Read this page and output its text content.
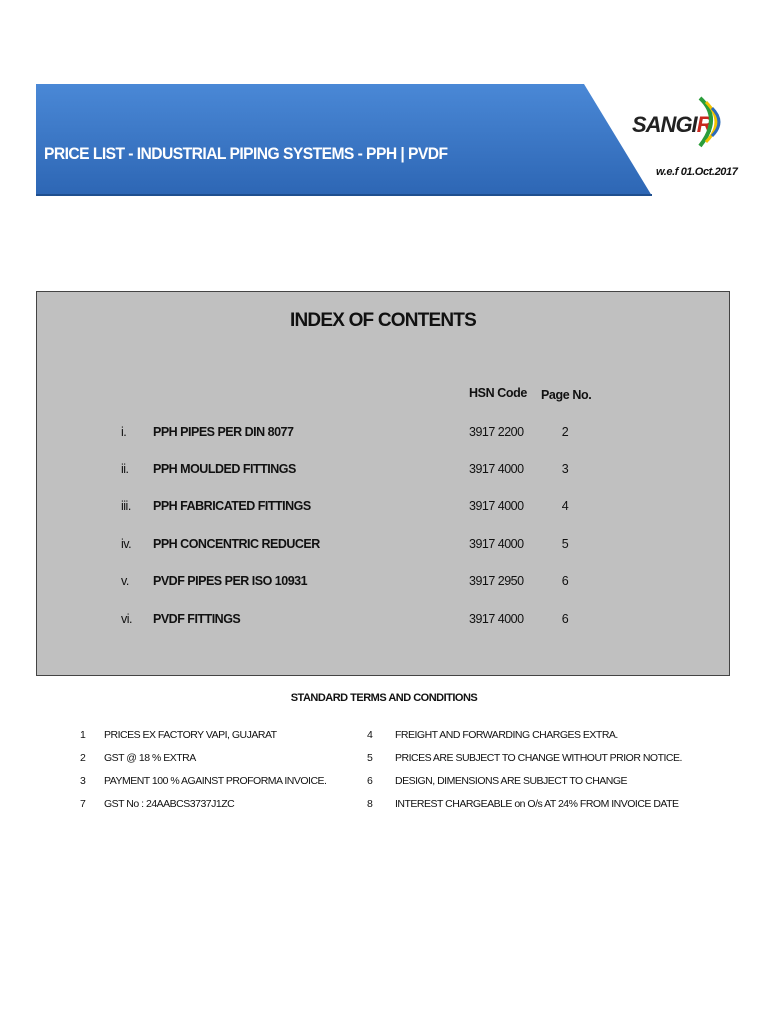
PRICE LIST - INDUSTRIAL PIPING SYSTEMS - PPH | PVDF
SANGIR
w.e.f 01.Oct.2017
INDEX OF CONTENTS
HSN Code Page No.
i. PPH PIPES PER DIN 8077	3917 2200	2
ii. PPH MOULDED FITTINGS	3917 4000	3
iii. PPH FABRICATED FITTINGS	3917 4000	4
iv. PPH CONCENTRIC REDUCER	3917 4000	5
v. PVDF PIPES PER ISO 10931	3917 2950	6
vi. PVDF FITTINGS	3917 4000	6
STANDARD TERMS AND CONDITIONS
1 PRICES EX FACTORY VAPI, GUJARAT
2 GST @ 18 % EXTRA
3 PAYMENT 100 % AGAINST PROFORMA INVOICE.
7 GST No : 24AABCS3737J1ZC
4 FREIGHT AND FORWARDING CHARGES EXTRA.
5 PRICES ARE SUBJECT TO CHANGE WITHOUT PRIOR NOTICE.
6 DESIGN, DIMENSIONS ARE SUBJECT TO CHANGE
8 INTEREST CHARGEABLE on O/s AT 24% FROM INVOICE DATE
